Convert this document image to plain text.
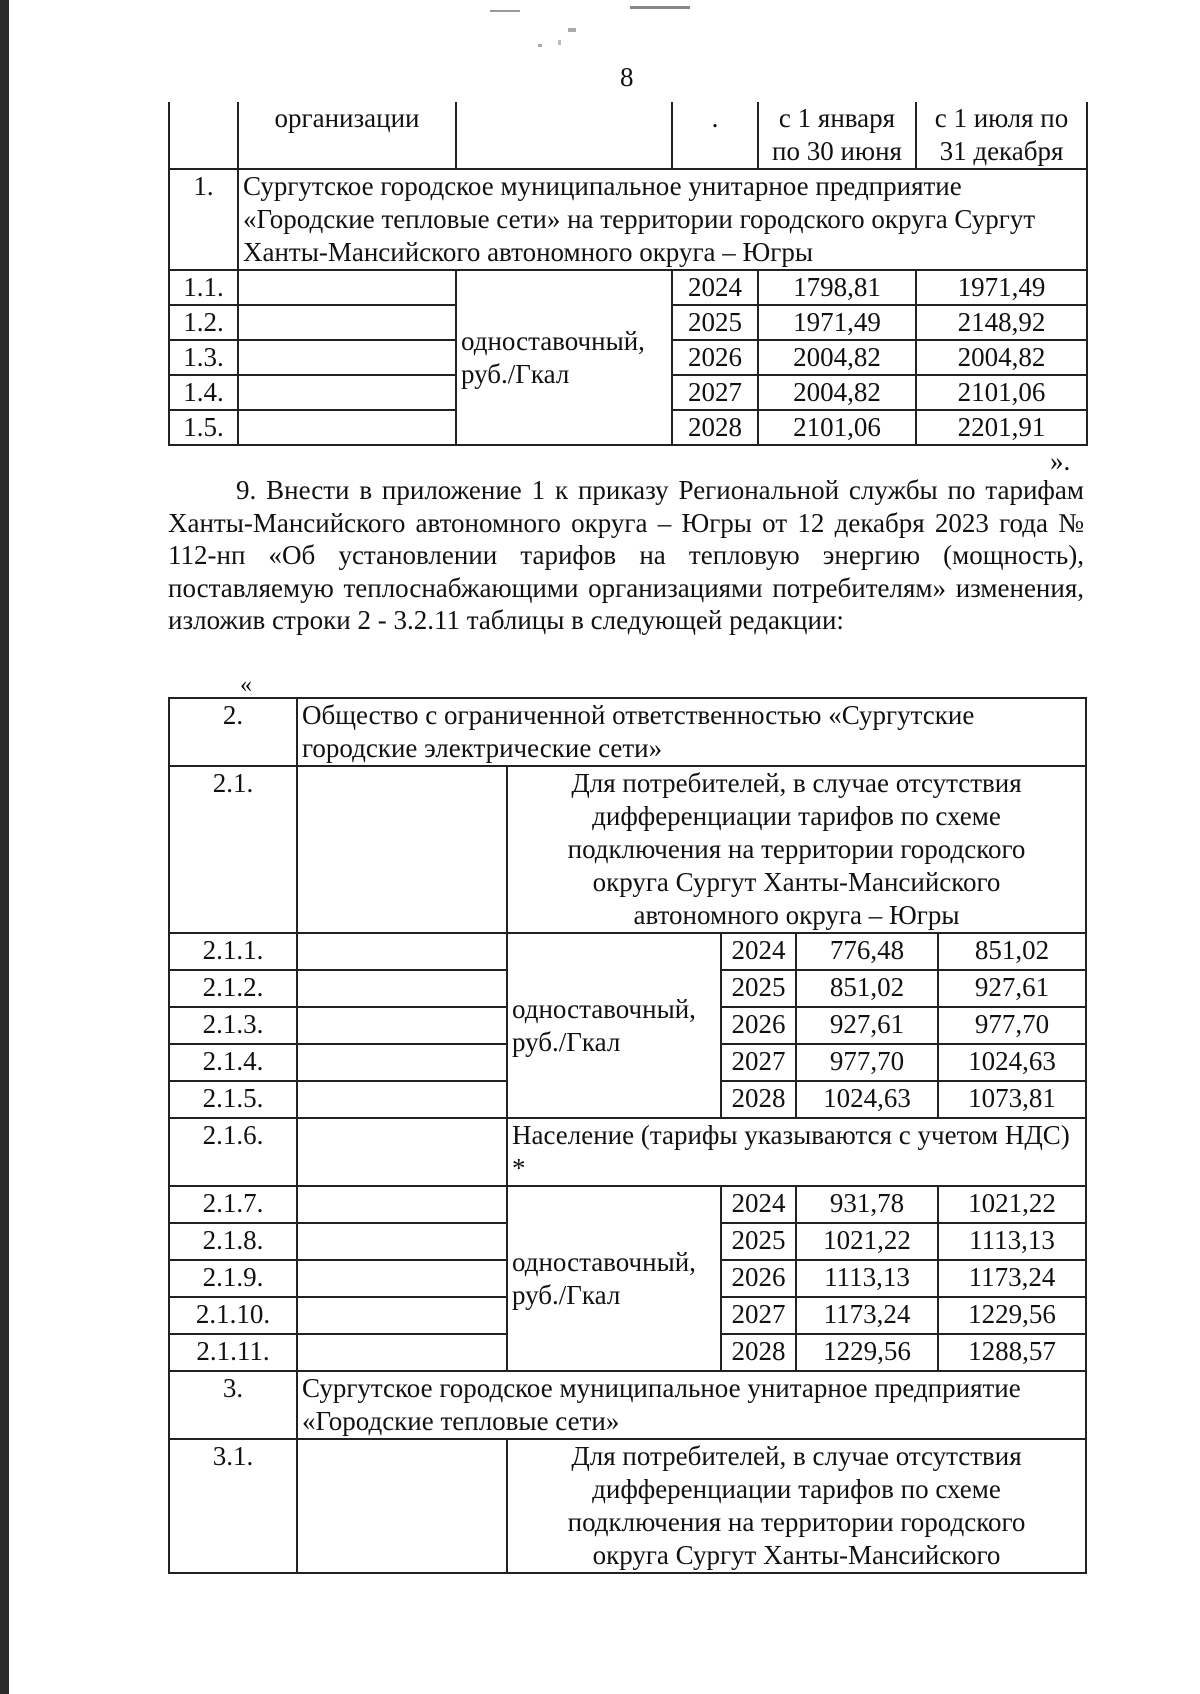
8
	организации		.	с 1 января по 30 июня	с 1 июля по 31 декабря
1.	Сургутское городское муниципальное унитарное предприятие «Городские тепловые сети» на территории городского округа Сургут Ханты-Мансийского автономного округа – Югры				
1.1.		одноставочный, руб./Гкал	2024	1798,81	1971,49
1.2.			2025	1971,49	2148,92
1.3.			2026	2004,82	2004,82
1.4.			2027	2004,82	2101,06
1.5.			2028	2101,06	2201,91
».

9. Внести в приложение 1 к приказу Региональной службы по тарифам Ханты-Мансийского автономного округа – Югры от 12 декабря 2023 года № 112-нп «Об установлении тарифов на тепловую энергию (мощность), поставляемую теплоснабжающими организациями потребителям» изменения, изложив строки 2 - 3.2.11 таблицы в следующей редакции:

«
2.	Общество с ограниченной ответственностью «Сургутские городские электрические сети»				
2.1.		Для потребителей, в случае отсутствия дифференциации тарифов по схеме подключения на территории городского округа Сургут Ханты-Мансийского автономного округа – Югры			
2.1.1.		одноставочный, руб./Гкал	2024	776,48	851,02
2.1.2.			2025	851,02	927,61
2.1.3.			2026	927,61	977,70
2.1.4.			2027	977,70	1024,63
2.1.5.			2028	1024,63	1073,81
2.1.6.		Население (тарифы указываются с учетом НДС) *			
2.1.7.		одноставочный, руб./Гкал	2024	931,78	1021,22
2.1.8.			2025	1021,22	1113,13
2.1.9.			2026	1113,13	1173,24
2.1.10.			2027	1173,24	1229,56
2.1.11.			2028	1229,56	1288,57
3.	Сургутское городское муниципальное унитарное предприятие «Городские тепловые сети»				
3.1.		Для потребителей, в случае отсутствия дифференциации тарифов по схеме подключения на территории городского округа Сургут Ханты-Мансийского			
